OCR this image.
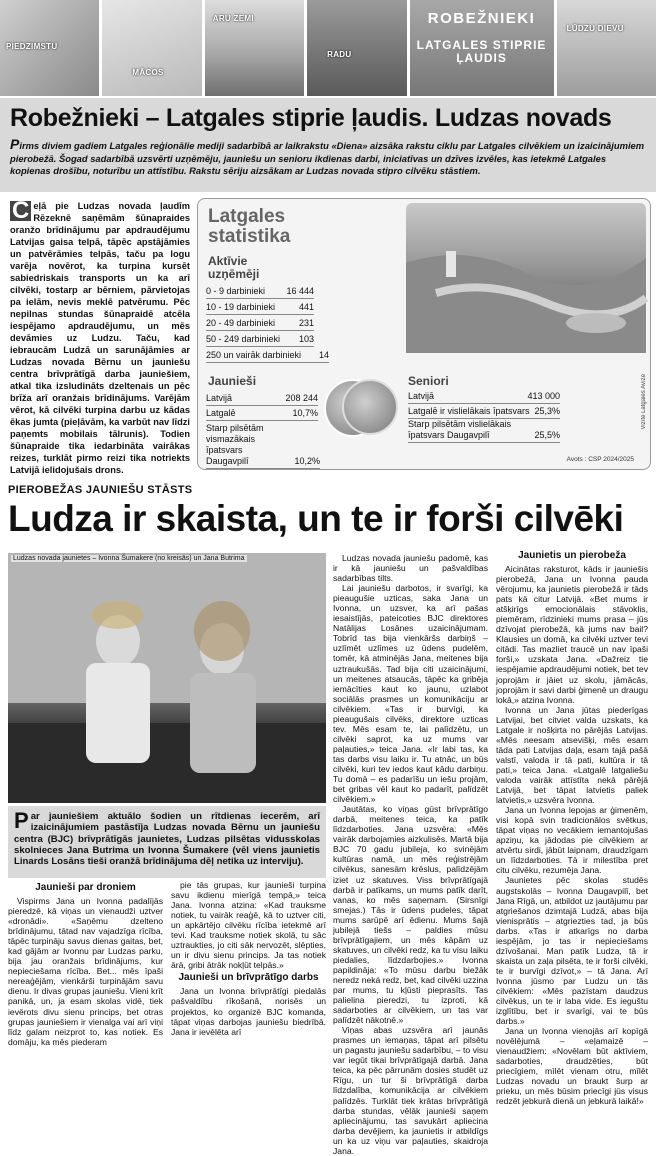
PIEDZIMSTU
MĀCOS
ARU ZEMI
RADU
ROBEŽNIEKI
LATGALES STIPRIE ĻAUDIS
LŪDZU DIEVU
Robežnieki – Latgales stiprie ļaudis. Ludzas novads

Pirms diviem gadiem Latgales reģionālie mediji sadarbībā ar laikrakstu «Diena» aizsāka rakstu ciklu par Latgales cilvēkiem un izaicinājumiem pierobežā. Šogad sadarbībā uzsvērti uzņēmēju, jauniešu un senioru ikdienas darbi, iniciatīvas un dzīves izvēles, kas ietekmē Latgales kopienas drošību, noturību un attīstību. Rakstu sēriju aizsākam ar Ludzas novada stipro cilvēku stāstiem.

C eļā pie Ludzas novada ļaudīm Rēzeknē saņēmām šūnapraides oranžo brīdinājumu par apdraudējumu Latvijas gaisa telpā, tāpēc apstājāmies un patvērāmies telpās, taču pa logu varēja novērot, ka turpina kursēt sabiedriskais transports un ka arī cilvēki, tostarp ar bērniem, pārvietojas pa ielām, nevis meklē patvērumu. Pēc nepilnas stundas šūnapraidē atcēla iespējamo apdraudējumu, un mēs devāmies uz Ludzu. Taču, kad iebraucām Ludzā un sarunājāmies ar Ludzas novada Bērnu un jauniešu centra brīvprātīgā darba jauniešiem, atkal tika izsludināts dzeltenais un pēc brīža arī oranžais brīdinājums. Varējām vērot, kā cilvēki turpina darbu uz kādas ēkas jumta (pieļāvām, ka varbūt nav līdzi paņemts mobilais tālrunis). Todien šūnapraide tika iedarbināta vairākas reizes, turklāt pirmo reizi tika notriekts Latvijā ielidojušais drons.
Latgales
statistika
Aktīvie
uzņēmēji
0 - 9 darbinieki 16 444
10 - 19 darbinieki	441
20 - 49 darbinieki	231
50 - 249 darbinieki 103
250 un vairāk darbinieki 14
Jaunieši
Latvijā	208 244
Latgalē	10,7%
Starp pilsētām vismazākais īpatsvars Daugavpilī	10,2%
Seniori
Latvijā	413 000
Latgalē ir vislielākais īpatsvars 25,3%
Starp pilsētām vislielākais īpatsvars Daugavpilī	25,5%
Avots : CSP 2024/2025
Vizītē Latgales Avīze
PIEROBEŽAS JAUNIEŠU STĀSTS
Ludza ir skaista, un te ir forši cilvēki
Ludzas novada jaunietes – Ivonna Šumakere (no kreisās) un Jana Butrima
Par jauniešiem aktuālo šodien un rītdienas iecerēm, arī izaicinājumiem pastāstīja Ludzas novada Bērnu un jauniešu centra (BJC) brīvprātīgās jaunietes, Ludzas pilsētas vidusskolas skolnieces Jana Butrima un Ivonna Šumakere (vēl viens jaunietis Linards Losāns tieši oranžā brīdinājuma dēļ netika uz interviju).
Jaunieši par droniem

Vispirms Jana un Ivonna padalījās pieredzē, kā viņas un vienaudži uztver «dronādi». «Saņēmu dzelteno brīdinājumu, tātad nav vajadzīga rīcība, tāpēc turpināju savus dienas gaitas, bet, kad gājām ar Ivonnu par Ludzas parku, bija jau oranžais brīdinājums, kur nepieciešama rīcība. Bet... mēs īpaši nereaģējām, vienkārši turpinājām savu dienu. Ir divas grupas jauniešu. Vieni krīt panikā, un, ja esam skolas vidē, tiek ievērots divu sienu princips, bet otras grupas jauniešiem ir vienalga vai arī viņi līdz galam neizprot to, kas notiek. Es domāju, ka mēs piederam

pie tās grupas, kur jaunieši turpina savu ikdienu mierīgā tempā,» teica Jana. Ivonna atzina: «Kad trauksme notiek, tu vairāk reaģē, kā to uztver citi, un apkārtējo cilvēku rīcība ietekmē arī tevi. Kad trauksme notiek skolā, tu sāc uztraukties, jo citi sāk nervozēt, slēpties, un ir divu sienu princips. Ja tas notiek ārā, gribi ātrāk nokļūt telpās.»

Jaunieši un brīvprātīgo darbs

Jana un Ivonna brīvprātīgi piedalās pašvaldību rīkošanā, norisēs un projektos, ko organizē BJC komanda, tāpat viņas darbojas jauniešu biedrībā. Jana ir ievēlēta arī

Ludzas novada jauniešu padomē, kas ir kā jauniešu un pašvaldības sadarbības tilts.

Lai jauniešu darbotos, ir svarīgi, ka pieaugušie uzticas, saka Jana un Ivonna, un uzsver, ka arī pašas iesaistījās, pateicoties BJC direktores Natālijas Losānes uzaicinājumam. Tobrīd tas bija vienkāršs darbiņš – uzlīmēt uzlīmes uz ūdens pudelēm, tomēr, kā atminējās Jana, meitenes bija uztraukušās. Tad bija citi uzaicinājumi, un meitenes atsaucās, tāpēc ka gribēja iemācīties kaut ko jaunu, uzlabot sociālās prasmes un komunikāciju ar cilvēkiem. «Tas ir burvīgi, ka pieaugušais cilvēks, direktore uzticas tev. Mēs esam te, lai palīdzētu, un cilvēki saprot, ka uz mums var paļauties,» teica Jana. «Ir labi tas, ka tas darbs visu laiku ir. Tu atnāc, un būs cilvēki, kuri tev iedos kaut kādu darbiņu. Tu domā – es padarīšu un iešu projām, bet gribas vēl kaut ko padarīt, palīdzēt cilvēkiem.»

Jautātas, ko viņas gūst brīvprātīgo darbā, meitenes teica, ka patīk līdzdarboties. Jana uzsvēra: «Mēs vairāk darbojamies aizkulisēs. Martā bija BJC 70 gadu jubileja, ko svinējām kultūras namā, un mēs reģistrējām cilvēkus, sanesām krēslus, palīdzējām iziet uz skatuves. Viss brīvprātīgajā darbā ir patīkams, un mums patīk darīt, vanas, ko mēs saņemam. (Sirsnīgi smejas.) Tās ir ūdens pudeles, tāpat mums sarūpē arī ēdienu. Mums šajā jubilejā tiešs – paldies mūsu brīvprātīgajiem, un mēs kāpām uz skatuves, un cilvēki redz, ka tu visu laiku piedalies, līdzdarbojies.» Ivonna papildināja: «To mūsu darbu biežāk neredz neká redz, bet, kad cilvēki uzzina par mums, tu kļūsti pieprasīts. Tas palielina pieredzi, tu izproti, kā sadarboties ar cilvēkiem, un tas var palīdzēt nākotnē.»

Viņas abas uzsvēra arī jaunās prasmes un iemaņas, tāpat arī pilsētu un pagastu jauniešu sadarbību, – to visu var iegūt tikai brīvprātīgajā darbā. Jana teica, ka pēc pārrunām dosies studēt uz Rīgu, un tur ši brīvprātīgā darba līdzdalība, komunikācija ar cilvēkiem palīdzēs. Turklāt tiek krātas brīvprātīgā darba stundas, vēlāk jaunieši saņem apliecinājumu, tas savukārt apliecina darba devējiem, ka jaunietis ir atbildīgs un ka uz viņu var paļauties, skaidroja Jana.

Jaunietis un pierobeža

Aicinātas raksturot, kāds ir jauniešis pierobežā, Jana un Ivonna pauda vērojumu, ka jaunietis pierobežā ir tāds pats kā citur Latvijā. «Bet mums ir atšķirīgs emocionālais stāvoklis, piemēram, rīdzinieki mums prasa – jūs dzīvojat pierobežā, kā jums nav bail? Klausies un domā, ka cilvēki uztver tevi citādi. Tas mazliet traucē un nav īpaši forši,» uzskata Jana. «Dažreiz tie iespējamie apdraudējumi notiek, bet tev joprojām ir jāiet uz skolu, jāmācās, joprojām ir savi darbi ģimenē un draugu lokā,» atzina Ivonna.

Ivonna un Jana jūtas piederīgas Latvijai, bet citviet valda uzskats, ka Latgale ir nošķirta no pārējās Latvijas. «Mēs neesam atsevišķi, mēs esam tāda pati Latvijas daļa, esam tajā pašā valstī, valoda ir tā pati, kultūra ir tā pati,» teica Jana. «Latgalē latgaliešu valoda vairāk attīstīta nekā pārējā Latvijā, bet tāpat latvietis paliek latvietis,» uzsvēra Ivonna.

Jana un Ivonna lepojas ar ģimenēm, visi kopā svin tradicionālos svētkus, tāpat viņas no vecākiem iemantojušas apziņu, ka jādodas pie cilvēkiem ar atvērtu sirdi, jābūt laipnam, draudzīgam un līdzdarboties. Tā ir milestība pret citu cilvēku, rezumēja Jana.

Jaunietes pēc skolas studēs augstskolās – Ivonna Daugavpilī, bet Jana Rīgā, un, atbildot uz jautājumu par atgriešanos dzimtajā Ludzā, abas bija vienisprātis – atgriezties tad, ja būs darbs. «Tas ir atkarīgs no darba iespējām, jo tas ir nepieciešams dzīvošanai. Man patīk Ludza, tā ir skaista un zaļa pilsēta, te ir forši cilvēki, te ir burvīgi dzīvot,» – tā Jana. Arī Ivonna jūsmo par Ludzu un tās cilvēkiem: «Mēs pazīstam daudzus cilvēkus, un te ir laba vide. Es ieguštu izglītību, bet ir svarīgi, vai te būs darbs.»

Jana un Ivonna vienojās arī kopīgā novēlējumā – «eļamaizē – vienaudžiem: «Novēlam būt aktīviem, sadarboties, draudzēties, būt priecīgiem, mīlēt vienam otru, mīlēt Ludzas novadu un braukt šurp ar prieku, un mēs būsim priecīgi jūs visus redzēt jebkurā dienā un jebkurā laikā!»
